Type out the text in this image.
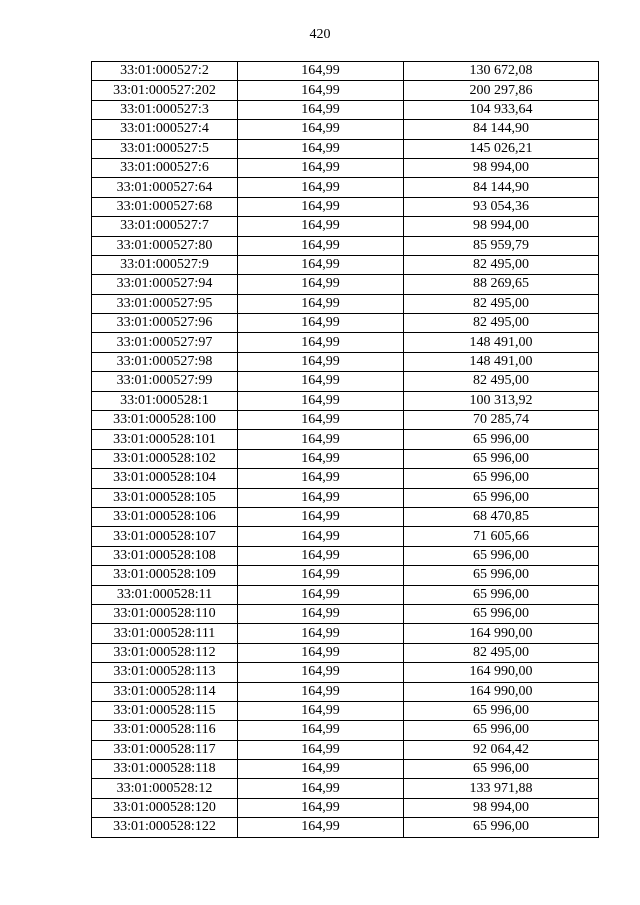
420
33:01:000527:2	164,99	130 672,08
33:01:000527:202	164,99	200 297,86
33:01:000527:3	164,99	104 933,64
33:01:000527:4	164,99	84 144,90
33:01:000527:5	164,99	145 026,21
33:01:000527:6	164,99	98 994,00
33:01:000527:64	164,99	84 144,90
33:01:000527:68	164,99	93 054,36
33:01:000527:7	164,99	98 994,00
33:01:000527:80	164,99	85 959,79
33:01:000527:9	164,99	82 495,00
33:01:000527:94	164,99	88 269,65
33:01:000527:95	164,99	82 495,00
33:01:000527:96	164,99	82 495,00
33:01:000527:97	164,99	148 491,00
33:01:000527:98	164,99	148 491,00
33:01:000527:99	164,99	82 495,00
33:01:000528:1	164,99	100 313,92
33:01:000528:100	164,99	70 285,74
33:01:000528:101	164,99	65 996,00
33:01:000528:102	164,99	65 996,00
33:01:000528:104	164,99	65 996,00
33:01:000528:105	164,99	65 996,00
33:01:000528:106	164,99	68 470,85
33:01:000528:107	164,99	71 605,66
33:01:000528:108	164,99	65 996,00
33:01:000528:109	164,99	65 996,00
33:01:000528:11	164,99	65 996,00
33:01:000528:110	164,99	65 996,00
33:01:000528:111	164,99	164 990,00
33:01:000528:112	164,99	82 495,00
33:01:000528:113	164,99	164 990,00
33:01:000528:114	164,99	164 990,00
33:01:000528:115	164,99	65 996,00
33:01:000528:116	164,99	65 996,00
33:01:000528:117	164,99	92 064,42
33:01:000528:118	164,99	65 996,00
33:01:000528:12	164,99	133 971,88
33:01:000528:120	164,99	98 994,00
33:01:000528:122	164,99	65 996,00
